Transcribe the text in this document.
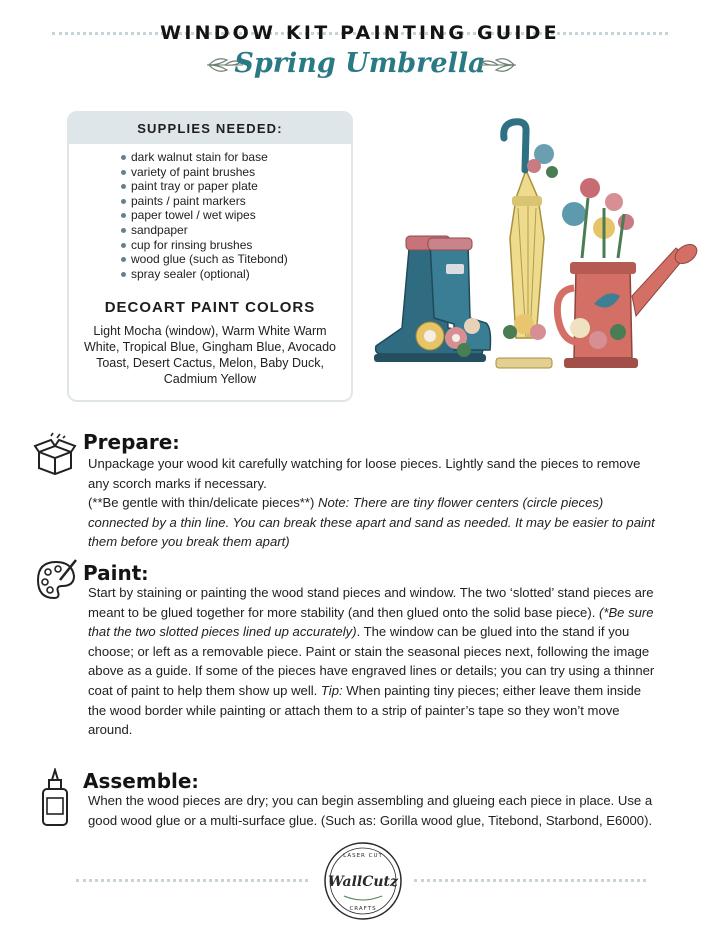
WINDOW KIT PAINTING GUIDE
Spring Umbrella
SUPPLIES NEEDED:
dark walnut stain for base
variety of paint brushes
paint tray or paper plate
paints / paint markers
paper towel / wet wipes
sandpaper
cup for rinsing brushes
wood glue (such as Titebond)
spray sealer (optional)
DECOART PAINT COLORS
Light Mocha (window), Warm White Warm White, Tropical Blue, Gingham Blue, Avocado Toast, Desert Cactus, Melon, Baby Duck, Cadmium Yellow
Prepare:
Unpackage your wood kit carefully watching for loose pieces. Lightly sand the pieces to remove any scorch marks if necessary.
(**Be gentle with thin/delicate pieces**) Note: There are tiny flower centers (circle pieces) connected by a thin line. You can break these apart and sand as needed. It may be easier to paint them before you break them apart)
Paint:
Start by staining or painting the wood stand pieces and window. The two ‘slotted’ stand pieces are meant to be glued together for more stability (and then glued onto the solid base piece). (*Be sure that the two slotted pieces lined up accurately). The window can be glued into the stand if you choose; or left as a removable piece. Paint or stain the seasonal pieces next, following the image above as a guide. If some of the pieces have engraved lines or details; you can try using a thinner coat of paint to help them show up well. Tip: When painting tiny pieces; either leave them inside the wood border while painting or attach them to a strip of painter’s tape so they won’t move around.
Assemble:
When the wood pieces are dry; you can begin assembling and glueing each piece in place. Use a good wood glue or a multi-surface glue. (Such as: Gorilla wood glue, Titebond, Starbond, E6000).
LASER CUT
WallCutz
CRAFTS
